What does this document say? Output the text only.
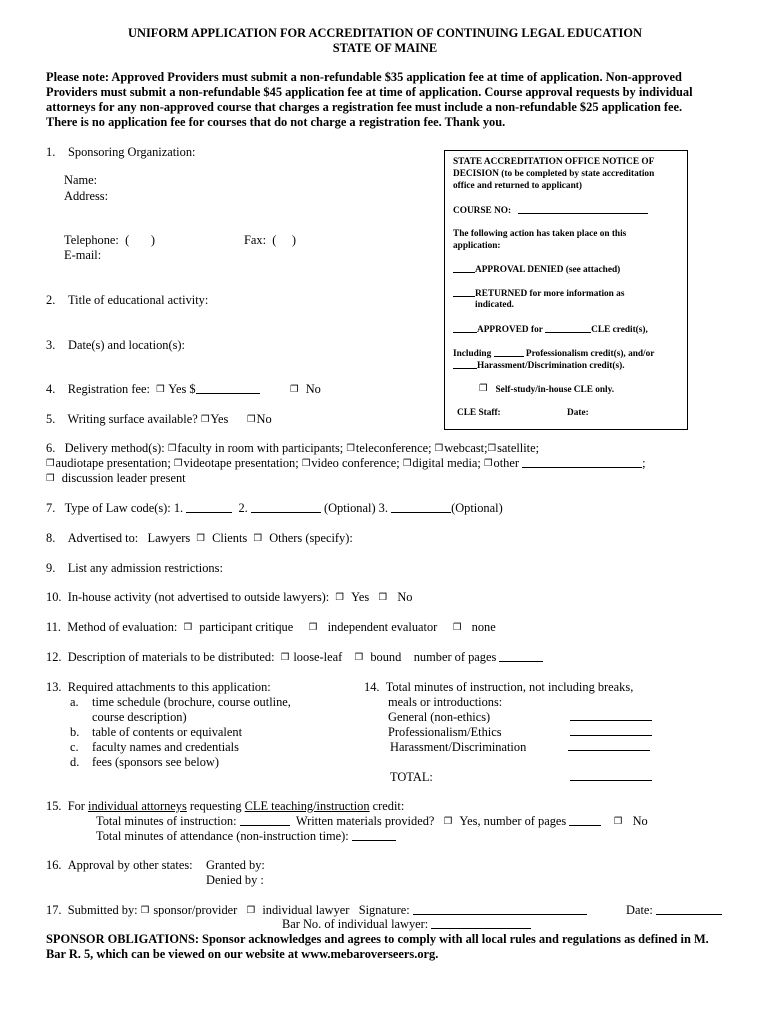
UNIFORM APPLICATION FOR ACCREDITATION OF CONTINUING LEGAL EDUCATION
STATE OF MAINE
Please note: Approved Providers must submit a non-refundable $35 application fee at time of application. Non-approved
Providers must submit a non-refundable $45 application fee at time of application. Course approval requests by individual
attorneys for any non-approved course that charges a registration fee must include a non-refundable $25 application fee.
There is no application fee for courses that do not charge a registration fee. Thank you.
1. Sponsoring Organization:
Name:
Address:
Telephone:  (       )	Fax:  (     )
E-mail:
2. Title of educational activity:
3. Date(s) and location(s):
4. Registration fee: ❒ Yes $	❒ No
5. Writing surface available? ❒Yes ❒No
STATE ACCREDITATION OFFICE NOTICE OF
DECISION (to be completed by state accreditation
office and returned to applicant)
COURSE NO:
The following action has taken place on this
application:
APPROVAL DENIED (see attached)
RETURNED for more information as
indicated.
APPROVED for	CLE credit(s),
Including	Professionalism credit(s), and/or
Harassment/Discrimination credit(s).
❒ Self-study/in-house CLE only.
CLE Staff:	Date:
6. Delivery method(s): ❒faculty in room with participants; ❒teleconference; ❒webcast;❒satellite;
❒audiotape presentation; ❒videotape presentation; ❒video conference; ❒digital media; ❒other	;
❒ discussion leader present
7. Type of Law code(s): 1.	2.	(Optional) 3.	(Optional)
8. Advertised to: Lawyers ❒ Clients ❒ Others (specify):
9. List any admission restrictions:
10. In-house activity (not advertised to outside lawyers): ❒ Yes ❒ No
11. Method of evaluation: ❒ participant critique ❒ independent evaluator ❒ none
12. Description of materials to be distributed: ❒ loose-leaf ❒ bound number of pages
13. Required attachments to this application:
a. time schedule (brochure, course outline,
course description)
b. table of contents or equivalent
c. faculty names and credentials
d. fees (sponsors see below)
14. Total minutes of instruction, not including breaks,
meals or introductions:
General (non-ethics)
Professionalism/Ethics
Harassment/Discrimination
TOTAL:
15. For individual attorneys requesting CLE teaching/instruction credit:
Total minutes of instruction:	Written materials provided? ❒ Yes, number of pages	❒ No
Total minutes of attendance (non-instruction time):
16. Approval by other states: Granted by:
Denied by :
17. Submitted by: ❒ sponsor/provider ❒ individual lawyer Signature:	Date:
Bar No. of individual lawyer:
SPONSOR OBLIGATIONS: Sponsor acknowledges and agrees to comply with all local rules and regulations as defined in M.
Bar R. 5, which can be viewed on our website at www.mebaroverseers.org.
